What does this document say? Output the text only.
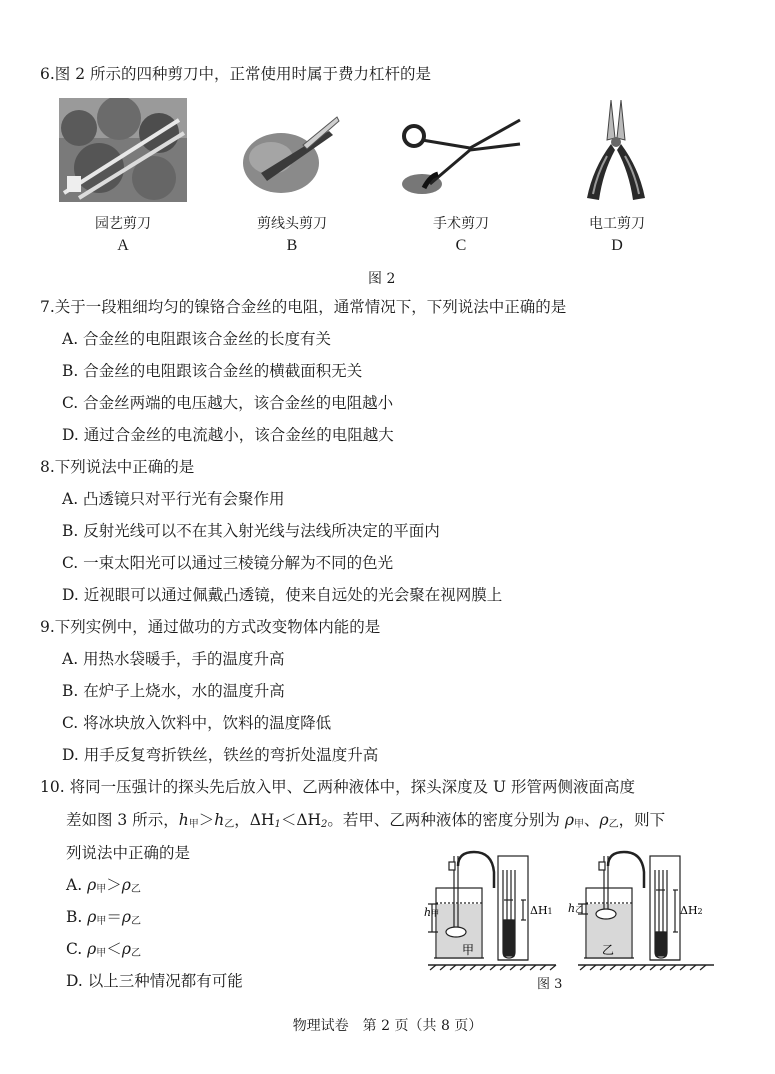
6.图 2 所示的四种剪刀中，正常使用时属于费力杠杆的是
园艺剪刀	剪线头剪刀	手术剪刀	电工剪刀
A	B	C	D
图 2
7.关于一段粗细均匀的镍铬合金丝的电阻，通常情况下，下列说法中正确的是
A. 合金丝的电阻跟该合金丝的长度有关
B. 合金丝的电阻跟该合金丝的横截面积无关
C. 合金丝两端的电压越大，该合金丝的电阻越小
D. 通过合金丝的电流越小，该合金丝的电阻越大
8.下列说法中正确的是
A. 凸透镜只对平行光有会聚作用
B. 反射光线可以不在其入射光线与法线所决定的平面内
C. 一束太阳光可以通过三棱镜分解为不同的色光
D. 近视眼可以通过佩戴凸透镜，使来自远处的光会聚在视网膜上
9.下列实例中，通过做功的方式改变物体内能的是
A. 用热水袋暖手，手的温度升高
B. 在炉子上烧水，水的温度升高
C. 将冰块放入饮料中，饮料的温度降低
D. 用手反复弯折铁丝，铁丝的弯折处温度升高
10. 将同一压强计的探头先后放入甲、乙两种液体中，探头深度及 U 形管两侧液面高度
差如图 3 所示，$h_甲>h_乙$，$\Delta H_1<\Delta H_2$。若甲、乙两种液体的密度分别为 $\rho_甲$、$\rho_乙$，则下
列说法中正确的是
A. $\rho_甲>\rho_乙$
B. $\rho_甲=\rho_乙$
C. $\rho_甲<\rho_乙$
D. 以上三种情况都有可能
h甲	ΔH1
甲
h乙	ΔH2
乙
图 3
物理试卷　第 2 页（共 8 页）
